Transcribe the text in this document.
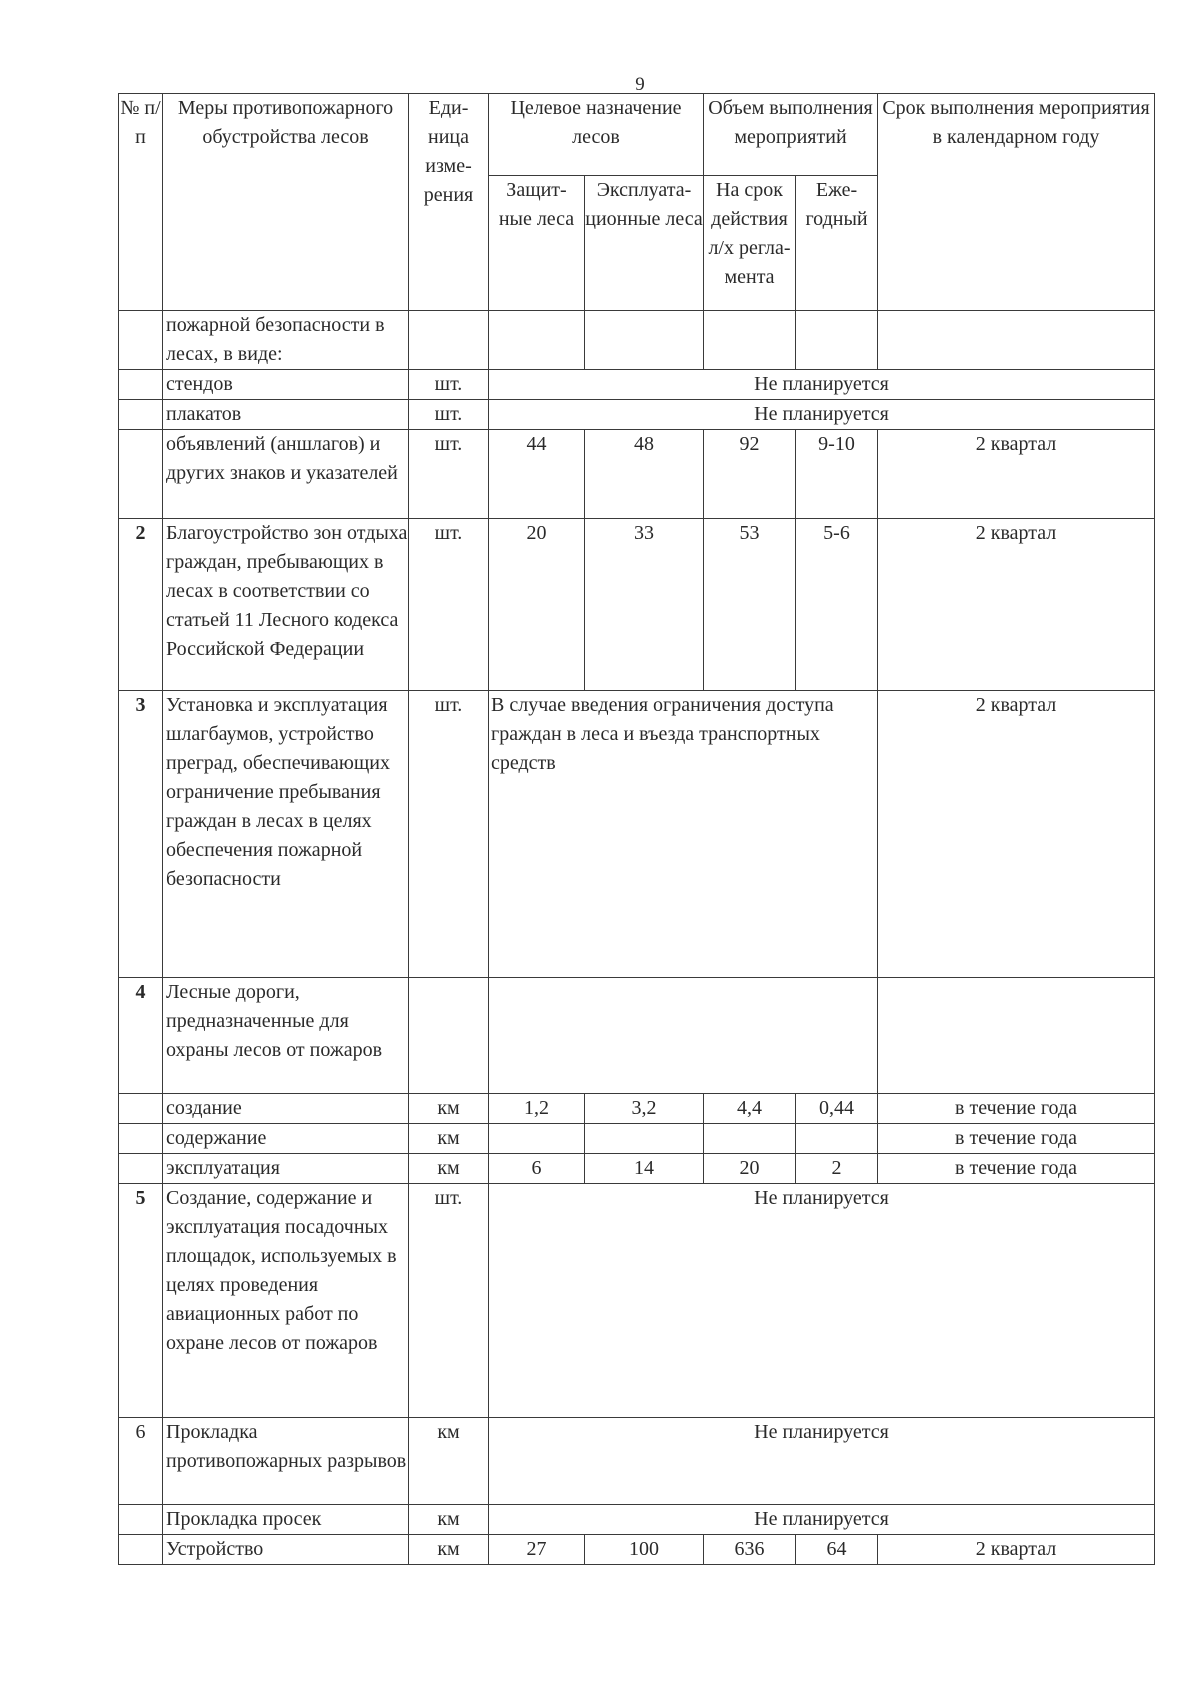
9
№ п/п	Меры противопожарного обустройства лесов	Еди- ница изме- рения	Целевое назначение лесов		Объем выполнения мероприятий		Срок выполнения мероприятия в календарном году
			Защит- ные леса	Эксплуата- ционные леса	На срок действия л/х регла- мента	Еже- годный	
	пожарной безопасности в лесах, в виде:						
	стендов	шт.	Не планируется				
	плакатов	шт.	Не планируется				
	объявлений (аншлагов) и других знаков и указателей	шт.	44	48	92	9-10	2 квартал
2	Благоустройство зон отдыха граждан, пребывающих в лесах в соответствии со статьей 11 Лесного кодекса Российской Федерации	шт.	20	33	53	5-6	2 квартал
3	Установка и эксплуатация шлагбаумов, устройство преград, обеспечивающих ограничение пребывания граждан в лесах в целях обеспечения пожарной безопасности	шт.	В случае введения ограничения доступа граждан в леса и въезда транспортных средств				2 квартал
4	Лесные дороги, предназначенные для охраны лесов от пожаров						
	создание	км	1,2	3,2	4,4	0,44	в течение года
	содержание	км					в течение года
	эксплуатация	км	6	14	20	2	в течение года
5	Создание, содержание и эксплуатация посадочных площадок, используемых в целях проведения авиационных работ по охране лесов от пожаров	шт.	Не планируется				
6	Прокладка противопожарных разрывов	км	Не планируется				
	Прокладка просек	км	Не планируется				
	Устройство	км	27	100	636	64	2 квартал
